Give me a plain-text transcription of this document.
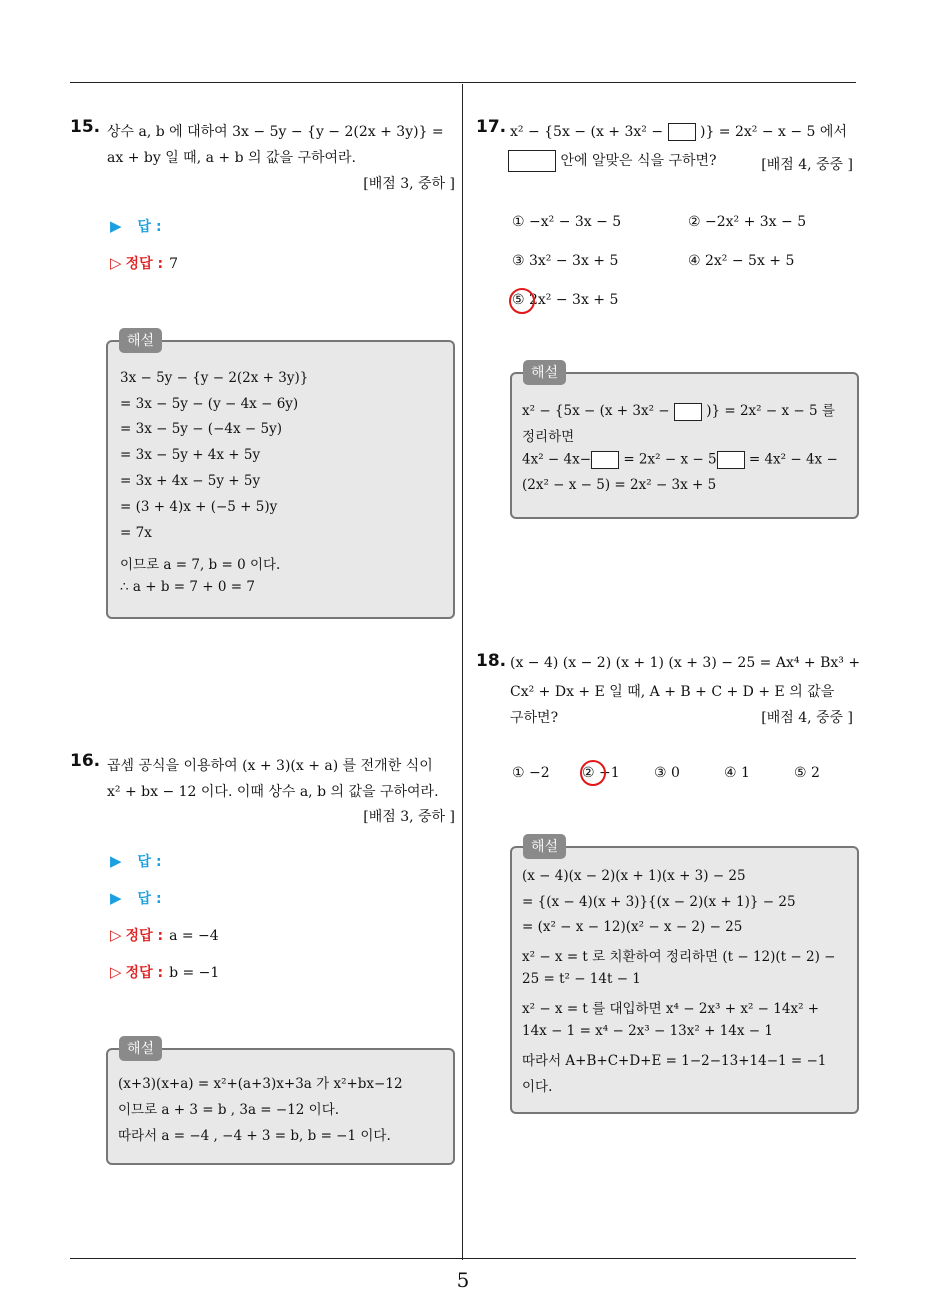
5
15. 상수 a, b 에 대하여 3x − 5y − {y − 2(2x + 3y)} =
ax + by 일 때, a + b 의 값을 구하여라.
[배점 3, 중하 ]
▶ 답 :
▷ 정답 : 7
해설
3x − 5y − {y − 2(2x + 3y)}
= 3x − 5y − (y − 4x − 6y)
= 3x − 5y − (−4x − 5y)
= 3x − 5y + 4x + 5y
= 3x + 4x − 5y + 5y
= (3 + 4)x + (−5 + 5)y
= 7x
이므로 a = 7, b = 0 이다.
∴ a + b = 7 + 0 = 7
16. 곱셈 공식을 이용하여 (x + 3)(x + a) 를 전개한 식이
x² + bx − 12 이다. 이때 상수 a, b 의 값을 구하여라.
[배점 3, 중하 ]
▶ 답 :
▶ 답 :
▷ 정답 : a = −4
▷ 정답 : b = −1
해설
(x+3)(x+a) = x²+(a+3)x+3a 가 x²+bx−12
이므로 a + 3 = b , 3a = −12 이다.
따라서 a = −4 , −4 + 3 = b, b = −1 이다.
17. x² − {5x − (x + 3x² −	)} = 2x² − x − 5 에서
안에 알맞은 식을 구하면?	[배점 4, 중중 ]
① −x² − 3x − 5	② −2x² + 3x − 5
③ 3x² − 3x + 5	④ 2x² − 5x + 5
⑤ 2x² − 3x + 5
해설
x² − {5x − (x + 3x² −	)} = 2x² − x − 5 를
정리하면
4x² − 4x− = 2x² − x − 5 = 4x² − 4x −
(2x² − x − 5) = 2x² − 3x + 5
18. (x − 4) (x − 2) (x + 1) (x + 3) − 25 = Ax⁴ + Bx³ +
Cx² + Dx + E 일 때, A + B + C + D + E 의 값을
구하면?	[배점 4, 중중 ]
① −2 ② −1 ③ 0	④ 1	⑤ 2
해설
(x − 4)(x − 2)(x + 1)(x + 3) − 25
= {(x − 4)(x + 3)}{(x − 2)(x + 1)} − 25
= (x² − x − 12)(x² − x − 2) − 25
x² − x = t 로 치환하여 정리하면 (t − 12)(t − 2) −
25 = t² − 14t − 1
x² − x = t 를 대입하면 x⁴ − 2x³ + x² − 14x² +
14x − 1 = x⁴ − 2x³ − 13x² + 14x − 1
따라서 A+B+C+D+E = 1−2−13+14−1 = −1
이다.
